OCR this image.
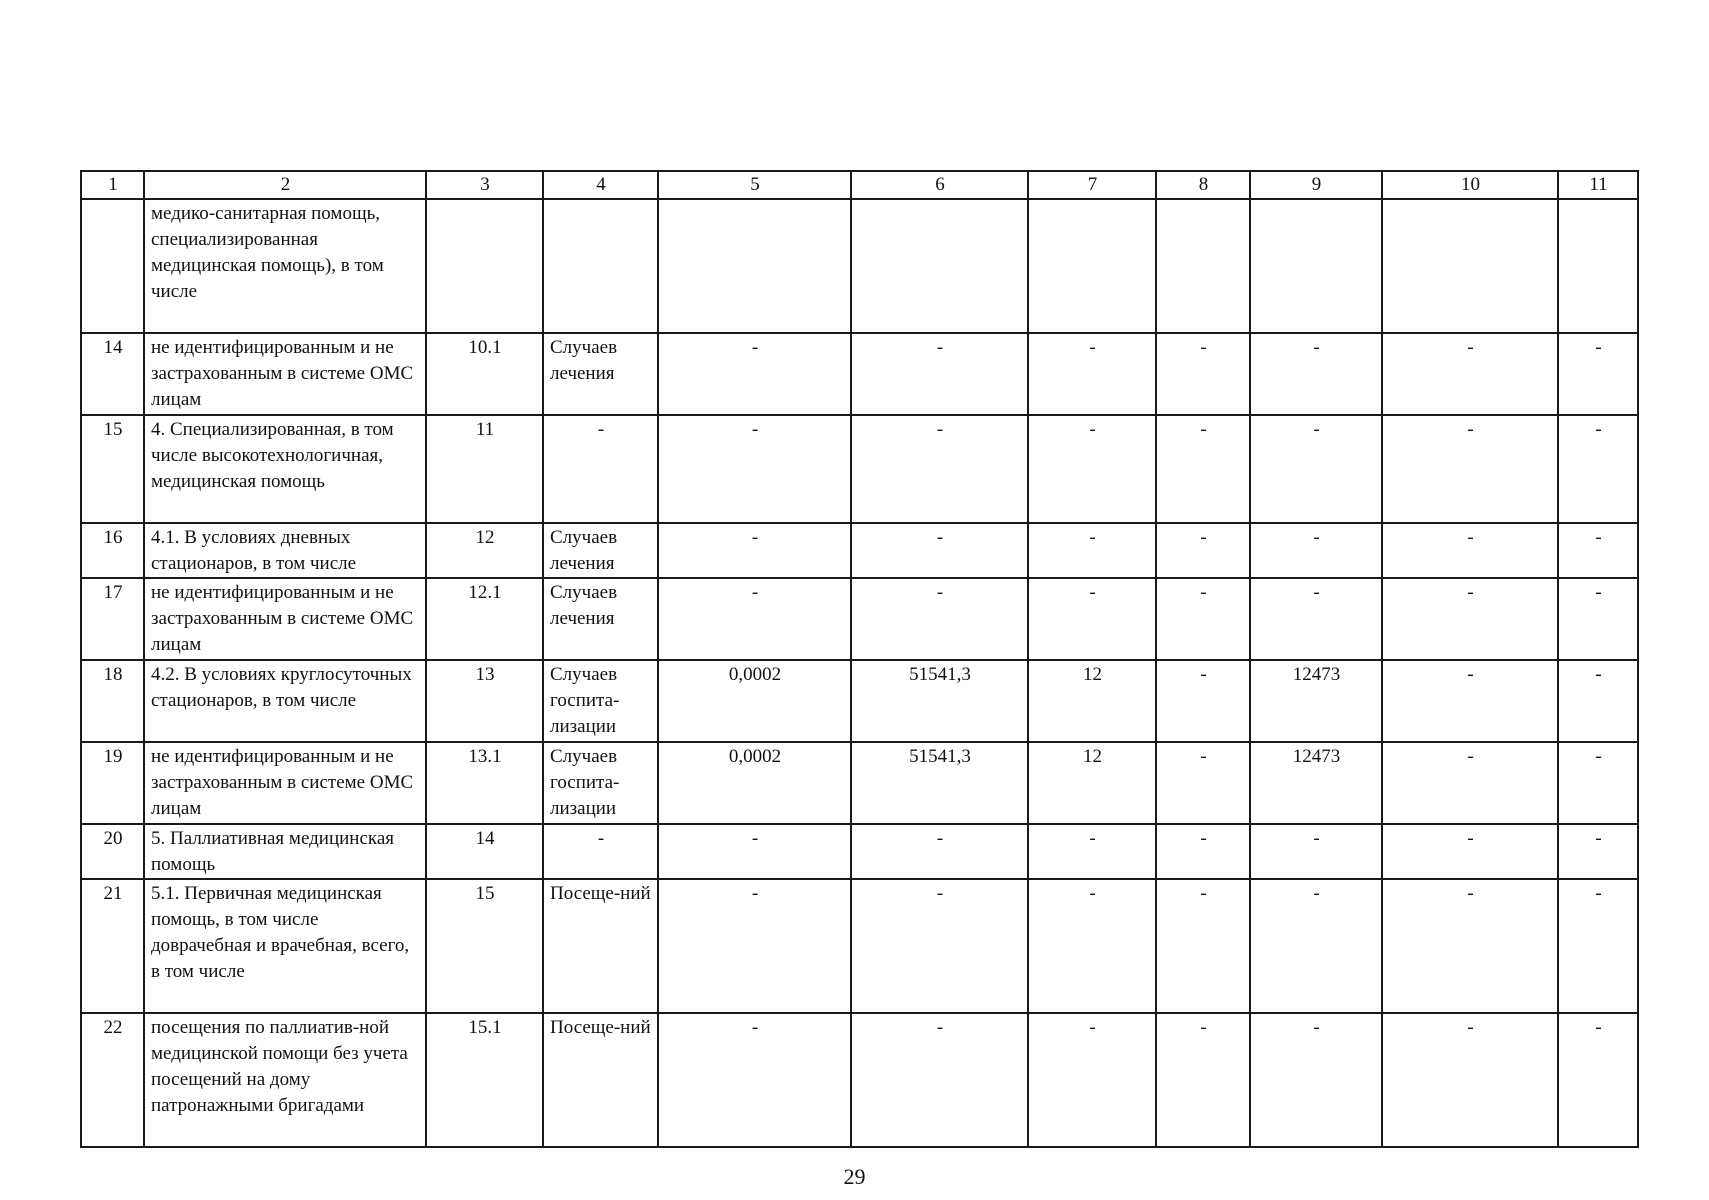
1	2	3	4	5	6	7	8	9	10	11
	медико-санитарная помощь, специализированная медицинская помощь), в том числе									
14	не идентифицированным и не застрахованным в системе ОМС лицам	10.1	Случаев лечения	-	-	-	-	-	-	-
15	4. Специализированная, в том числе высокотехнологичная, медицинская помощь	11	-	-	-	-	-	-	-	-
16	4.1. В условиях дневных стационаров, в том числе	12	Случаев лечения	-	-	-	-	-	-	-
17	не идентифицированным и не застрахованным в системе ОМС лицам	12.1	Случаев лечения	-	-	-	-	-	-	-
18	4.2. В условиях круглосуточных стационаров, в том числе	13	Случаев госпита-лизации	0,0002	51541,3	12	-	12473	-	-
19	не идентифицированным и не застрахованным в системе ОМС лицам	13.1	Случаев госпита-лизации	0,0002	51541,3	12	-	12473	-	-
20	5. Паллиативная медицинская помощь	14	-	-	-	-	-	-	-	-
21	5.1. Первичная медицинская помощь, в том числе доврачебная и врачебная, всего, в том числе	15	Посеще-ний	-	-	-	-	-	-	-
22	посещения по паллиатив-ной медицинской помощи без учета посещений на дому патронажными бригадами	15.1	Посеще-ний	-	-	-	-	-	-	-
29
